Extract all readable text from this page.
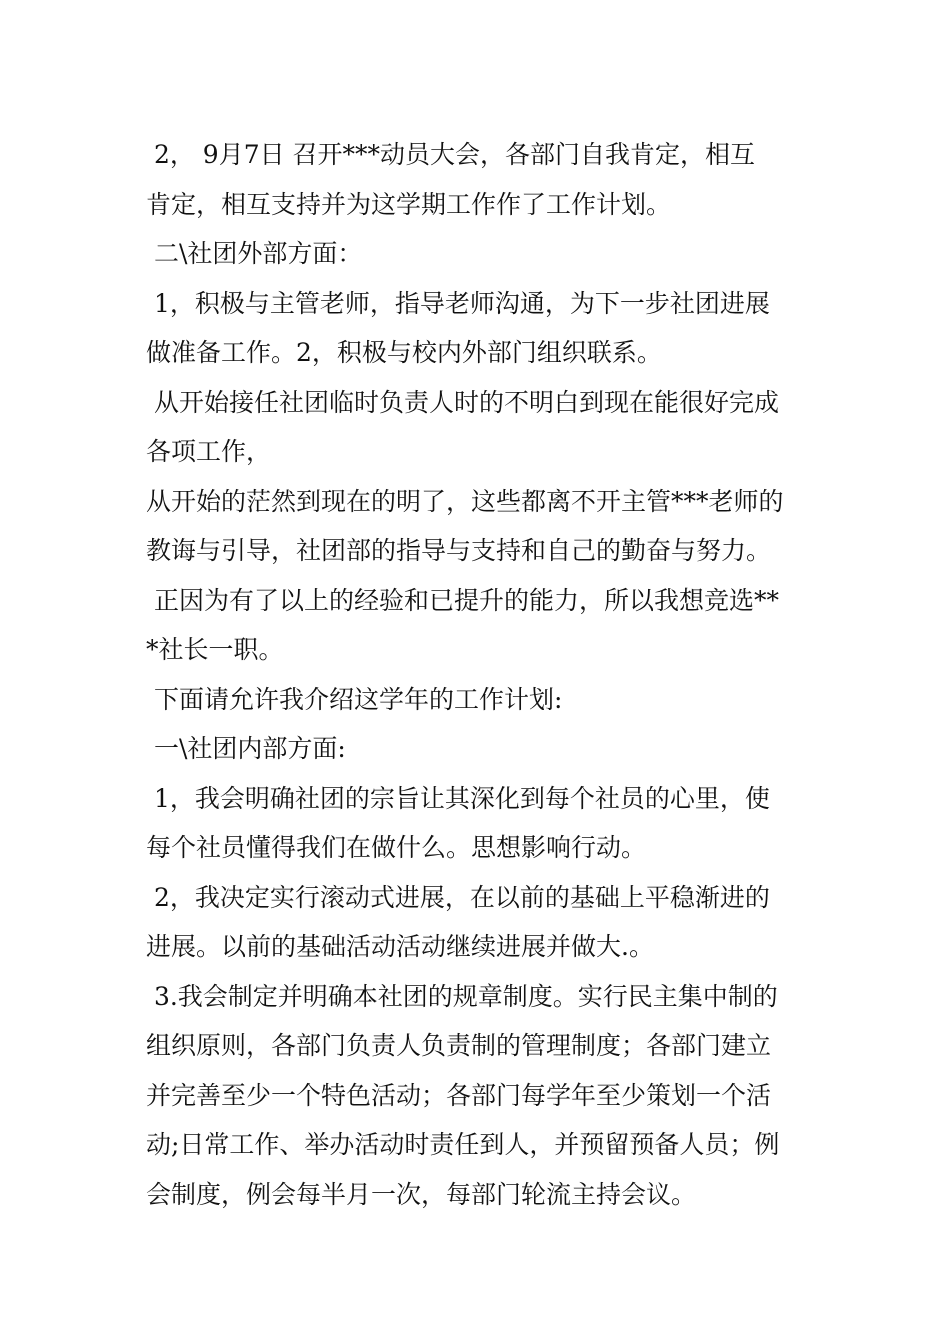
2， 9月7日 召开***动员大会，各部门自我肯定，相互
肯定，相互支持并为这学期工作作了工作计划。
二\社团外部方面：
1，积极与主管老师，指导老师沟通，为下一步社团进展
做准备工作。2，积极与校内外部门组织联系。
从开始接任社团临时负责人时的不明白到现在能很好完成
各项工作，
从开始的茫然到现在的明了，这些都离不开主管***老师的
教诲与引导，社团部的指导与支持和自己的勤奋与努力。
正因为有了以上的经验和已提升的能力，所以我想竞选**
*社长一职。
下面请允许我介绍这学年的工作计划:
一\社团内部方面:
1，我会明确社团的宗旨让其深化到每个社员的心里，使
每个社员懂得我们在做什么。思想影响行动。
2，我决定实行滚动式进展，在以前的基础上平稳渐进的
进展。以前的基础活动活动继续进展并做大.。
3.我会制定并明确本社团的规章制度。实行民主集中制的
组织原则，各部门负责人负责制的管理制度；各部门建立
并完善至少一个特色活动；各部门每学年至少策划一个活
动;日常工作、举办活动时责任到人，并预留预备人员；例
会制度，例会每半月一次，每部门轮流主持会议。
